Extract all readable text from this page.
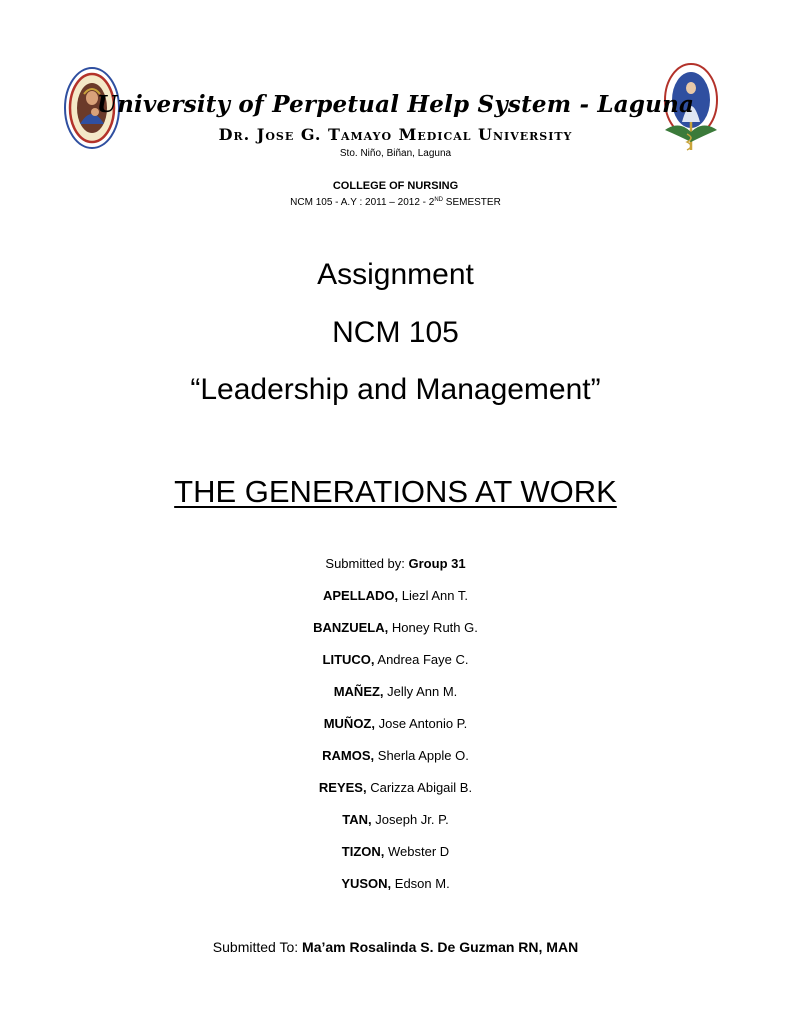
University of Perpetual Help System - Laguna
Dr. Jose G. Tamayo Medical University
Sto. Niño, Biñan, Laguna
COLLEGE OF NURSING
NCM 105 - A.Y : 2011 – 2012 - 2ND SEMESTER
Assignment
NCM 105
“Leadership and Management”
THE GENERATIONS AT WORK
Submitted by: Group 31
APELLADO, Liezl Ann T.
BANZUELA, Honey Ruth G.
LITUCO, Andrea Faye C.
MAÑEZ, Jelly Ann M.
MUÑOZ, Jose Antonio P.
RAMOS, Sherla Apple O.
REYES, Carizza Abigail B.
TAN, Joseph Jr. P.
TIZON, Webster D
YUSON, Edson M.
Submitted To: Ma’am Rosalinda S. De Guzman RN, MAN
